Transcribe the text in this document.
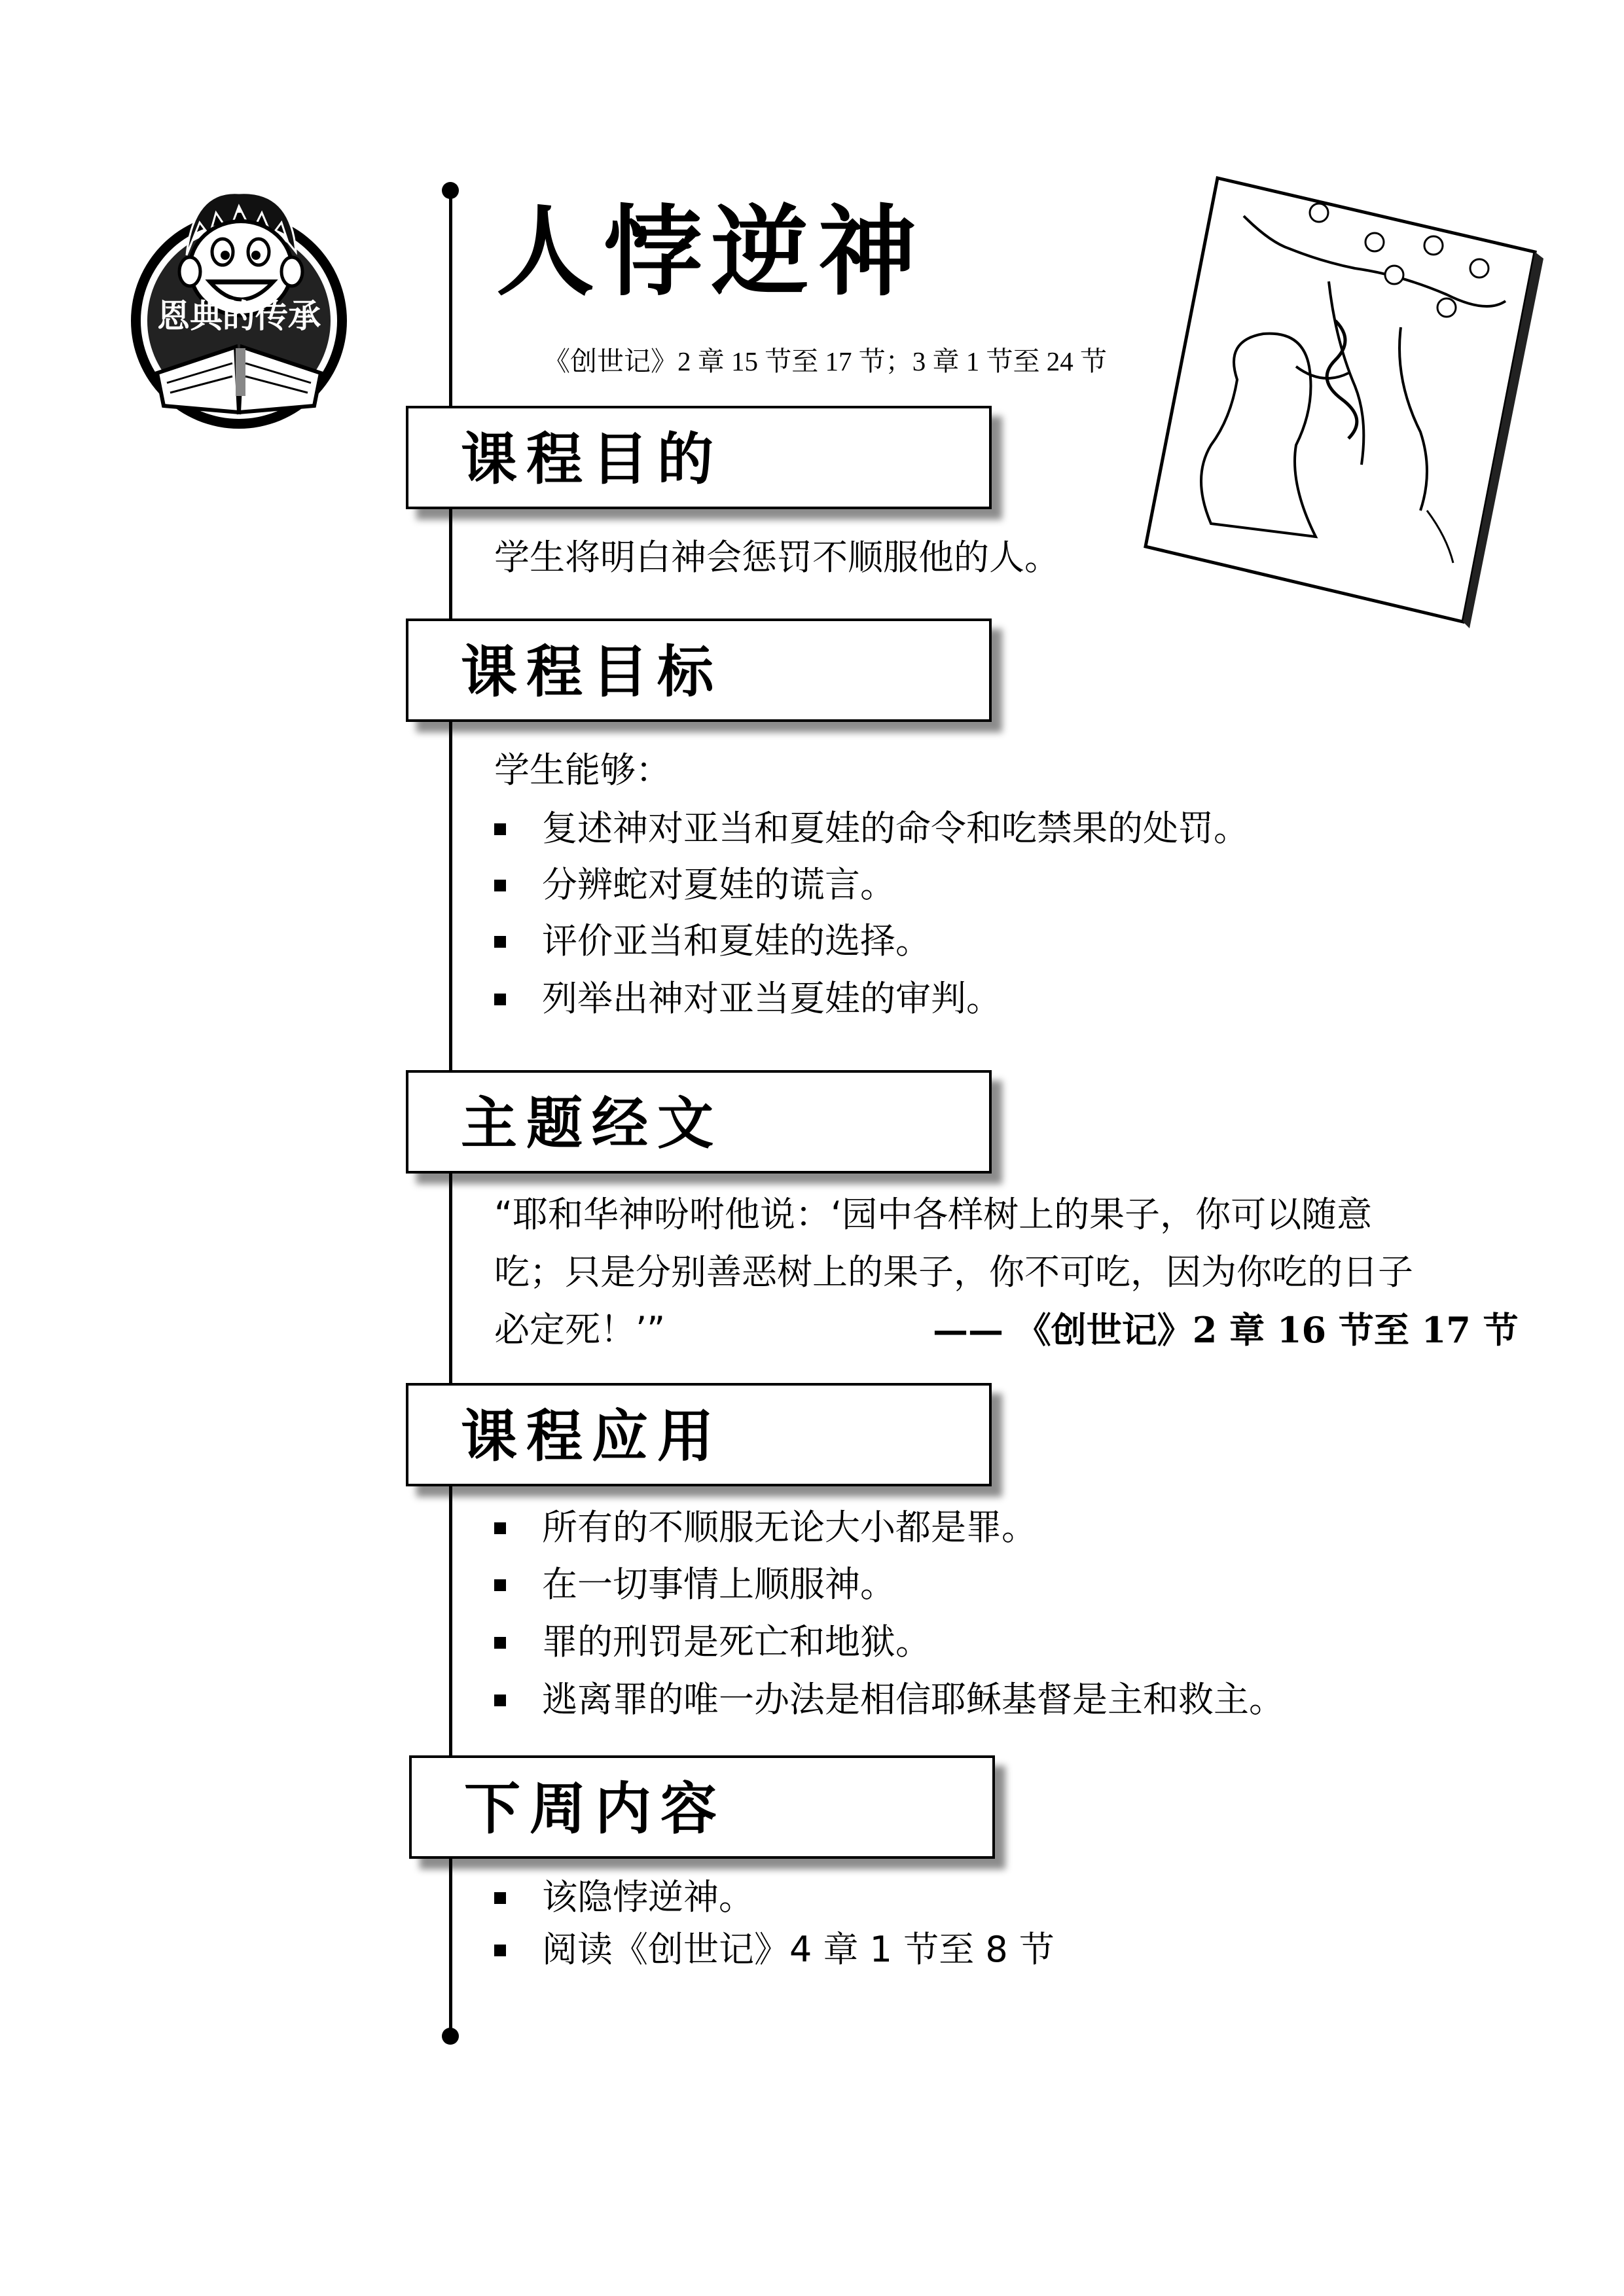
恩典的传承
人悖逆神
《创世记》2 章 15 节至 17 节；3 章 1 节至 24 节
课程目的
学生将明白神会惩罚不顺服他的人。
课程目标
学生能够：
复述神对亚当和夏娃的命令和吃禁果的处罚。
分辨蛇对夏娃的谎言。
评价亚当和夏娃的选择。
列举出神对亚当夏娃的审判。
主题经文
“耶和华神吩咐他说：‘园中各样树上的果子，你可以随意
吃；只是分别善恶树上的果子，你不可吃，因为你吃的日子
必定死！’”	—— 《创世记》2 章 16 节至 17 节
课程应用
所有的不顺服无论大小都是罪。
在一切事情上顺服神。
罪的刑罚是死亡和地狱。
逃离罪的唯一办法是相信耶稣基督是主和救主。
下周内容
该隐悖逆神。
阅读《创世记》4 章 1 节至 8 节
